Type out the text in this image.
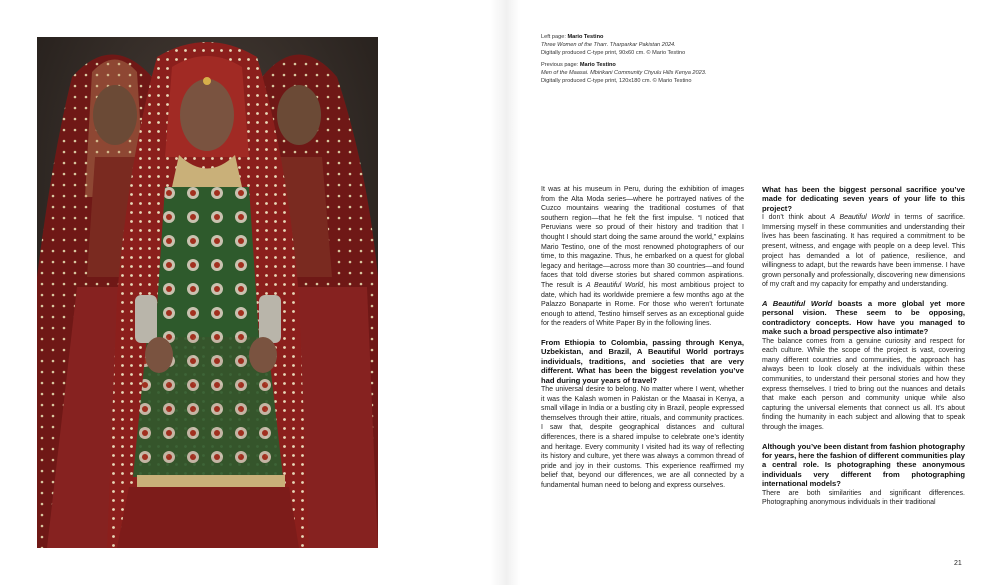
Left page: Mario Testino
Three Women of the Tharr. Tharparkar Pakistan 2024.
Digitally produced C-type print, 90x60 cm. © Mario Testino
Previous page: Mario Testino
Men of the Maasai. Mbirikani Community Chyulu Hills Kenya 2023.
Digitally produced C-type print, 120x180 cm. © Mario Testino

It was at his museum in Peru, during the exhibition of images from the Alta Moda series—where he portrayed natives of the Cuzco mountains wearing the traditional costumes of that southern region—that he felt the first impulse. “I noticed that Peruvians were so proud of their history and tradition that I thought I should start doing the same around the world,” explains Mario Testino, one of the most renowned photographers of our time, to this magazine. Thus, he embarked on a quest for global legacy and heritage—across more than 30 countries—and found faces that told diverse stories but shared common aspirations. The result is A Beautiful World, his most ambitious project to date, which had its worldwide premiere a few months ago at the Palazzo Bonaparte in Rome. For those who weren’t fortunate enough to attend, Testino himself serves as an exceptional guide for the readers of White Paper By in the following lines.

From Ethiopia to Colombia, passing through Kenya, Uzbekistan, and Brazil, A Beautiful World portrays individuals, traditions, and societies that are very different. What has been the biggest revelation you’ve had during your years of travel?

The universal desire to belong. No matter where I went, whether it was the Kalash women in Pakistan or the Maasai in Kenya, a small village in India or a bustling city in Brazil, people expressed themselves through their attire, rituals, and community practices. I saw that, despite geographical distances and cultural differences, there is a shared impulse to celebrate one’s identity and heritage. Every community I visited had its way of reflecting its history and culture, yet there was always a common thread of pride and joy in their customs. This experience reaffirmed my belief that, beyond our differences, we are all connected by a fundamental human need to belong and express ourselves.

What has been the biggest personal sacrifice you’ve made for dedicating seven years of your life to this project?

I don’t think about A Beautiful World in terms of sacrifice. Immersing myself in these communities and understanding their lives has been fascinating. It has required a commitment to be present, witness, and engage with people on a deep level. This project has demanded a lot of patience, resilience, and willingness to adapt, but the rewards have been immense. I have grown personally and professionally, discovering new dimensions of my craft and my capacity for empathy and understanding.

A Beautiful World boasts a more global yet more personal vision. These seem to be opposing, contradictory concepts. How have you managed to make such a broad perspective also intimate?

The balance comes from a genuine curiosity and respect for each culture. While the scope of the project is vast, covering many different countries and communities, the approach has always been to look closely at the individuals within these communities, to understand their personal stories and how they express themselves. I tried to bring out the nuances and details that make each person and community unique while also capturing the universal elements that connect us all. It’s about finding the humanity in each subject and allowing that to speak through the images.

Although you’ve been distant from fashion photography for years, here the fashion of different communities play a central role. Is photographing these anonymous individuals very different from photographing international models?

There are both similarities and significant differences. Photographing anonymous individuals in their traditional

21
